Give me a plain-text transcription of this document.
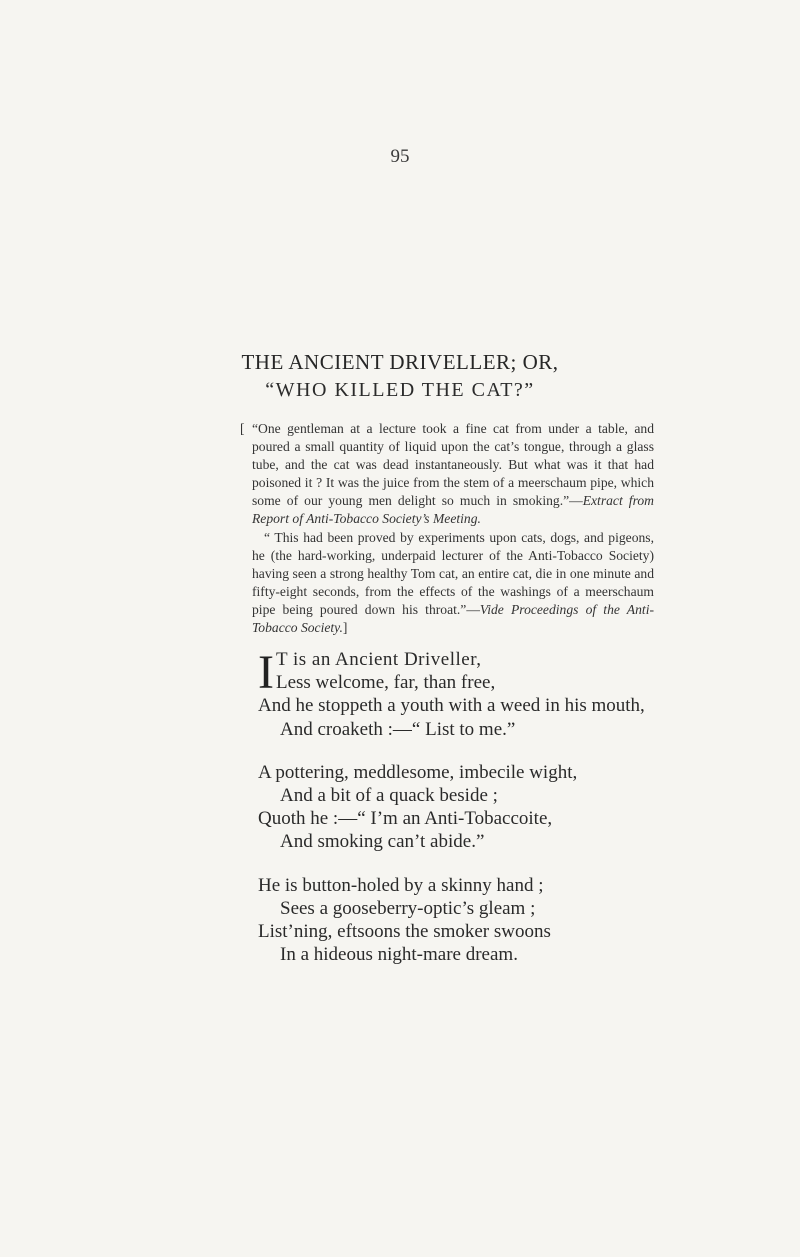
95
THE ANCIENT DRIVELLER; OR,
“WHO KILLED THE CAT?”

[ “One gentleman at a lecture took a fine cat from under a table, and poured a small quantity of liquid upon the cat’s tongue, through a glass tube, and the cat was dead instantaneously. But what was it that had poisoned it ? It was the juice from the stem of a meerschaum pipe, which some of our young men delight so much in smoking.”—Extract from Report of Anti-Tobacco Society’s Meeting.

“ This had been proved by experiments upon cats, dogs, and pigeons, he (the hard-working, underpaid lecturer of the Anti-Tobacco Society) having seen a strong healthy Tom cat, an entire cat, die in one minute and fifty-eight seconds, from the effects of the washings of a meerschaum pipe being poured down his throat.”—Vide Proceedings of the Anti-Tobacco Society.]

I T is an Ancient Driveller,
Less welcome, far, than free,
And he stoppeth a youth with a weed in his mouth,
And croaketh :—“ List to me.”
A pottering, meddlesome, imbecile wight,
And a bit of a quack beside ;
Quoth he :—“ I’m an Anti-Tobaccoite,
And smoking can’t abide.”
He is button-holed by a skinny hand ;
Sees a gooseberry-optic’s gleam ;
List’ning, eftsoons the smoker swoons
In a hideous night-mare dream.
